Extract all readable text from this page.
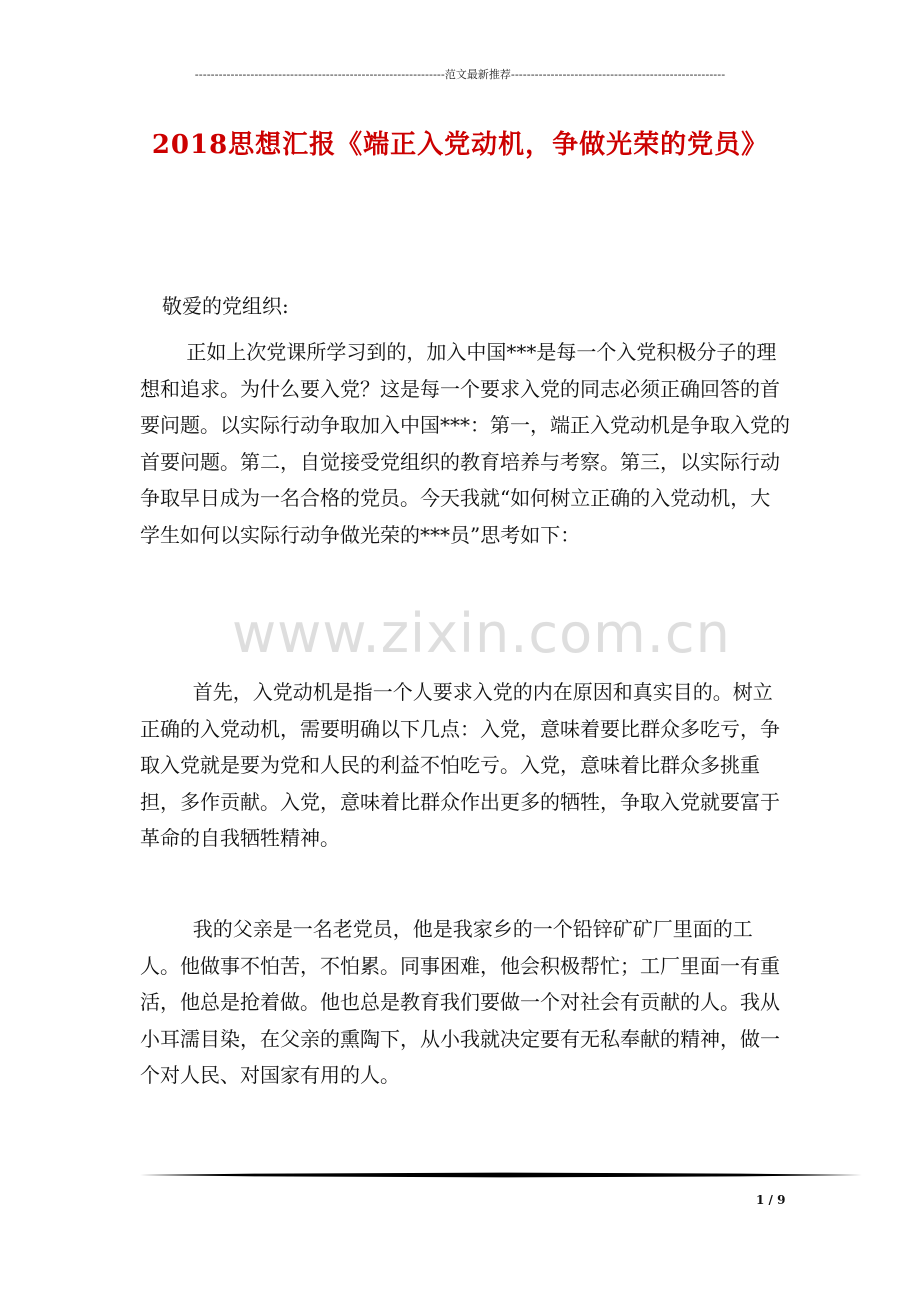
---------------------------------------------------------------范文最新推荐------------------------------------------------------
2018思想汇报《端正入党动机，争做光荣的党员》
敬爱的党组织:

　　 正如上次党课所学习到的，加入中国***是每一个入党积极分子的理想和追求。为什么要入党？这是每一个要求入党的同志必须正确回答的首要问题。以实际行动争取加入中国***：第一，端正入党动机是争取入党的首要问题。第二，自觉接受党组织的教育培养与考察。第三，以实际行动争取早日成为一名合格的党员。今天我就“如何树立正确的入党动机，大学生如何以实际行动争做光荣的***员”思考如下：

　　  首先，入党动机是指一个人要求入党的内在原因和真实目的。树立正确的入党动机，需要明确以下几点：入党，意味着要比群众多吃亏，争取入党就是要为党和人民的利益不怕吃亏。入党，意味着比群众多挑重担，多作贡献。入党，意味着比群众作出更多的牺牲，争取入党就要富于革命的自我牺牲精神。

　　  我的父亲是一名老党员，他是我家乡的一个铅锌矿矿厂里面的工人。他做事不怕苦，不怕累。同事困难，他会积极帮忙；工厂里面一有重活，他总是抢着做。他也总是教育我们要做一个对社会有贡献的人。我从小耳濡目染，在父亲的熏陶下，从小我就决定要有无私奉献的精神，做一个对人民、对国家有用的人。

www.zixin.com.cn
1 / 9
